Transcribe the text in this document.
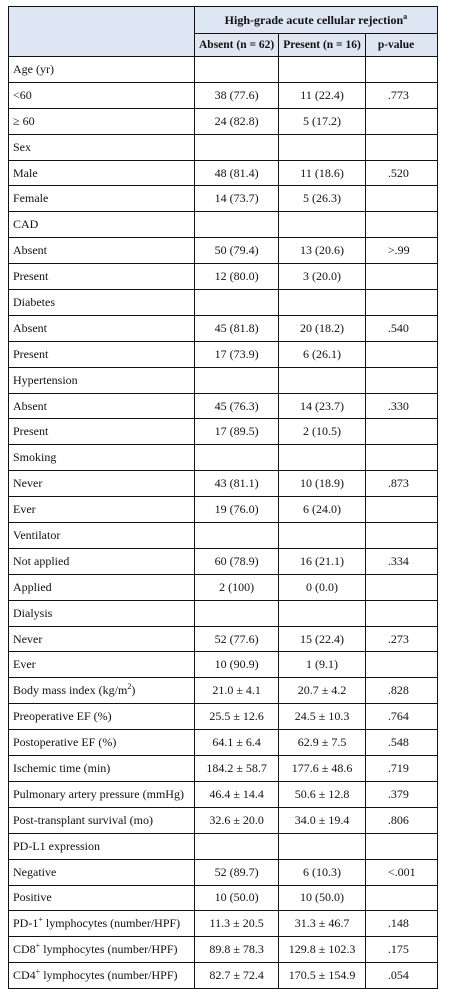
	High-grade acute cellular rejection$^a$
	Absent (n = 62)	Present (n = 16)	p-value
Age (yr)			
<60	38 (77.6)	11 (22.4)	.773
≥ 60	24 (82.8)	5 (17.2)	
Sex			
Male	48 (81.4)	11 (18.6)	.520
Female	14 (73.7)	5 (26.3)	
CAD			
Absent	50 (79.4)	13 (20.6)	>.99
Present	12 (80.0)	3 (20.0)	
Diabetes			
Absent	45 (81.8)	20 (18.2)	.540
Present	17 (73.9)	6 (26.1)	
Hypertension			
Absent	45 (76.3)	14 (23.7)	.330
Present	17 (89.5)	2 (10.5)	
Smoking			
Never	43 (81.1)	10 (18.9)	.873
Ever	19 (76.0)	6 (24.0)	
Ventilator			
Not applied	60 (78.9)	16 (21.1)	.334
Applied	2 (100)	0 (0.0)	
Dialysis			
Never	52 (77.6)	15 (22.4)	.273
Ever	10 (90.9)	1 (9.1)	
Body mass index $(kg/m^2)$	21.0 ± 4.1	20.7 ± 4.2	.828
Preoperative EF (%)	25.5 ± 12.6	24.5 ± 10.3	.764
Postoperative EF (%)	64.1 ± 6.4	62.9 ± 7.5	.548
Ischemic time (min)	184.2 ± 58.7	177.6 ± 48.6	.719
Pulmonary artery pressure (mmHg)	46.4 ± 14.4	50.6 ± 12.8	.379
Post-transplant survival (mo)	32.6 ± 20.0	34.0 ± 19.4	.806
PD-L1 expression			
Negative	52 (89.7)	6 (10.3)	<.001
Positive	10 (50.0)	10 (50.0)	
PD-1+ lymphocytes (number/HPF)	11.3 ± 20.5	31.3 ± 46.7	.148
CD8+ lymphocytes (number/HPF)	89.8 ± 78.3	129.8 ± 102.3	.175
CD4+ lymphocytes (number/HPF)	82.7 ± 72.4	170.5 ± 154.9	.054
